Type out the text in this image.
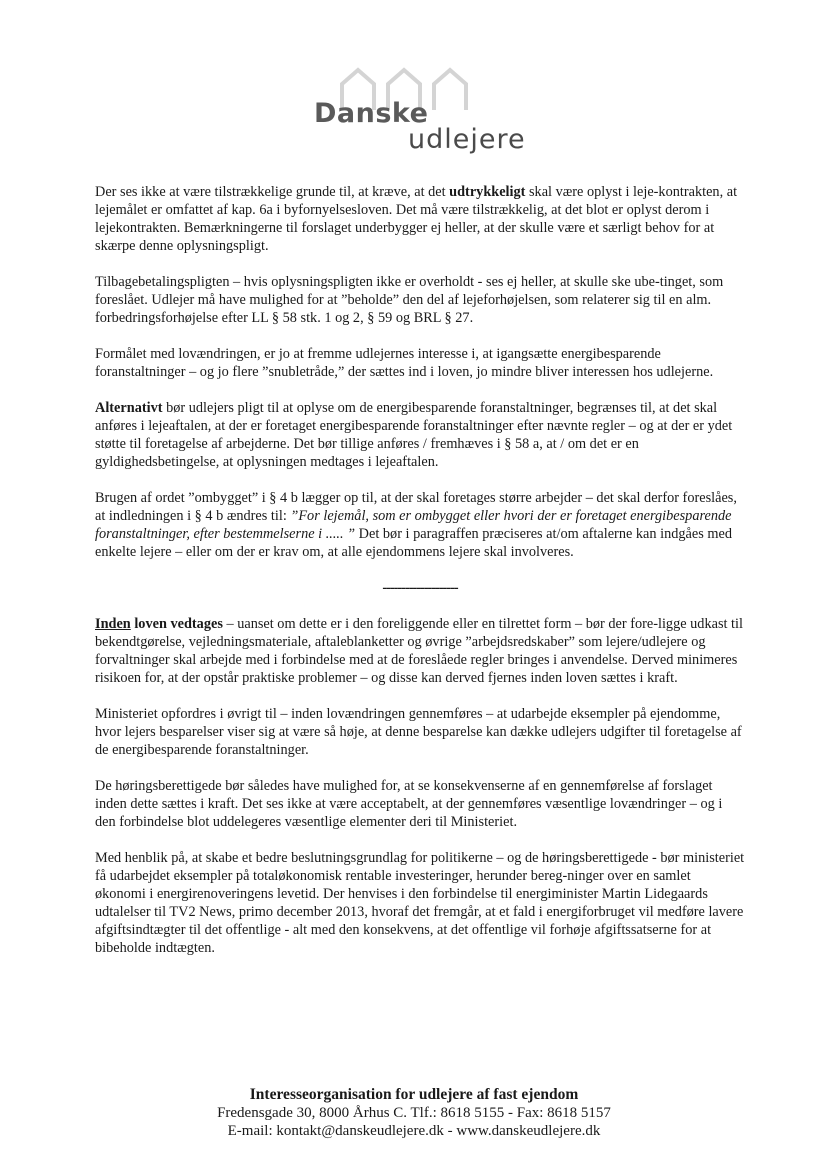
Danske
udlejere

Der ses ikke at være tilstrækkelige grunde til, at kræve, at det udtrykkeligt skal være oplyst i leje-kontrakten, at lejemålet er omfattet af kap. 6a i byfornyelsesloven. Det må være tilstrækkelig, at det blot er oplyst derom i lejekontrakten. Bemærkningerne til forslaget underbygger ej heller, at der skulle være et særligt behov for at skærpe denne oplysningspligt.

Tilbagebetalingspligten – hvis oplysningspligten ikke er overholdt - ses ej heller, at skulle ske ube-tinget, som foreslået. Udlejer må have mulighed for at ”beholde” den del af lejeforhøjelsen, som relaterer sig til en alm. forbedringsforhøjelse efter LL § 58 stk. 1 og 2, § 59 og BRL § 27.

Formålet med lovændringen, er jo at fremme udlejernes interesse i, at igangsætte energibesparende foranstaltninger – og jo flere ”snubletråde,” der sættes ind i loven, jo mindre bliver interessen hos udlejerne.

Alternativt bør udlejers pligt til at oplyse om de energibesparende foranstaltninger, begrænses til, at det skal anføres i lejeaftalen, at der er foretaget energibesparende foranstaltninger efter nævnte regler – og at der er ydet støtte til foretagelse af arbejderne. Det bør tillige anføres / fremhæves i § 58 a, at / om det er en gyldighedsbetingelse, at oplysningen medtages i lejeaftalen.

Brugen af ordet ”ombygget” i § 4 b lægger op til, at der skal foretages større arbejder – det skal derfor foreslåes, at indledningen i § 4 b ændres til: ”For lejemål, som er ombygget eller hvori der er foretaget energibesparende foranstaltninger, efter bestemmelserne i ..... ” Det bør i paragraffen præciseres at/om aftalerne kan indgåes med enkelte lejere – eller om der er krav om, at alle ejendommens lejere skal involveres.

--------------------

Inden loven vedtages – uanset om dette er i den foreliggende eller en tilrettet form – bør der fore-ligge udkast til bekendtgørelse, vejledningsmateriale, aftaleblanketter og øvrige ”arbejdsredskaber” som lejere/udlejere og forvaltninger skal arbejde med i forbindelse med at de foreslåede regler bringes i anvendelse. Derved minimeres risikoen for, at der opstår praktiske problemer – og disse kan derved fjernes inden loven sættes i kraft.

Ministeriet opfordres i øvrigt til – inden lovændringen gennemføres – at udarbejde eksempler på ejendomme, hvor lejers besparelser viser sig at være så høje, at denne besparelse kan dække udlejers udgifter til foretagelse af de energibesparende foranstaltninger.

De høringsberettigede bør således have mulighed for, at se konsekvenserne af en gennemførelse af forslaget inden dette sættes i kraft. Det ses ikke at være acceptabelt, at der gennemføres væsentlige lovændringer – og i den forbindelse blot uddelegeres væsentlige elementer deri til Ministeriet.

Med henblik på, at skabe et bedre beslutningsgrundlag for politikerne – og de høringsberettigede - bør ministeriet få udarbejdet eksempler på totaløkonomisk rentable investeringer, herunder bereg-ninger over en samlet økonomi i energirenoveringens levetid. Der henvises i den forbindelse til energiminister Martin Lidegaards udtalelser til TV2 News, primo december 2013, hvoraf det fremgår, at et fald i energiforbruget vil medføre lavere afgiftsindtægter til det offentlige - alt med den konsekvens, at det offentlige vil forhøje afgiftssatserne for at bibeholde indtægten.

Interesseorganisation for udlejere af fast ejendom
Fredensgade 30, 8000 Århus C. Tlf.: 8618 5155 - Fax: 8618 5157
E-mail: kontakt@danskeudlejere.dk - www.danskeudlejere.dk
